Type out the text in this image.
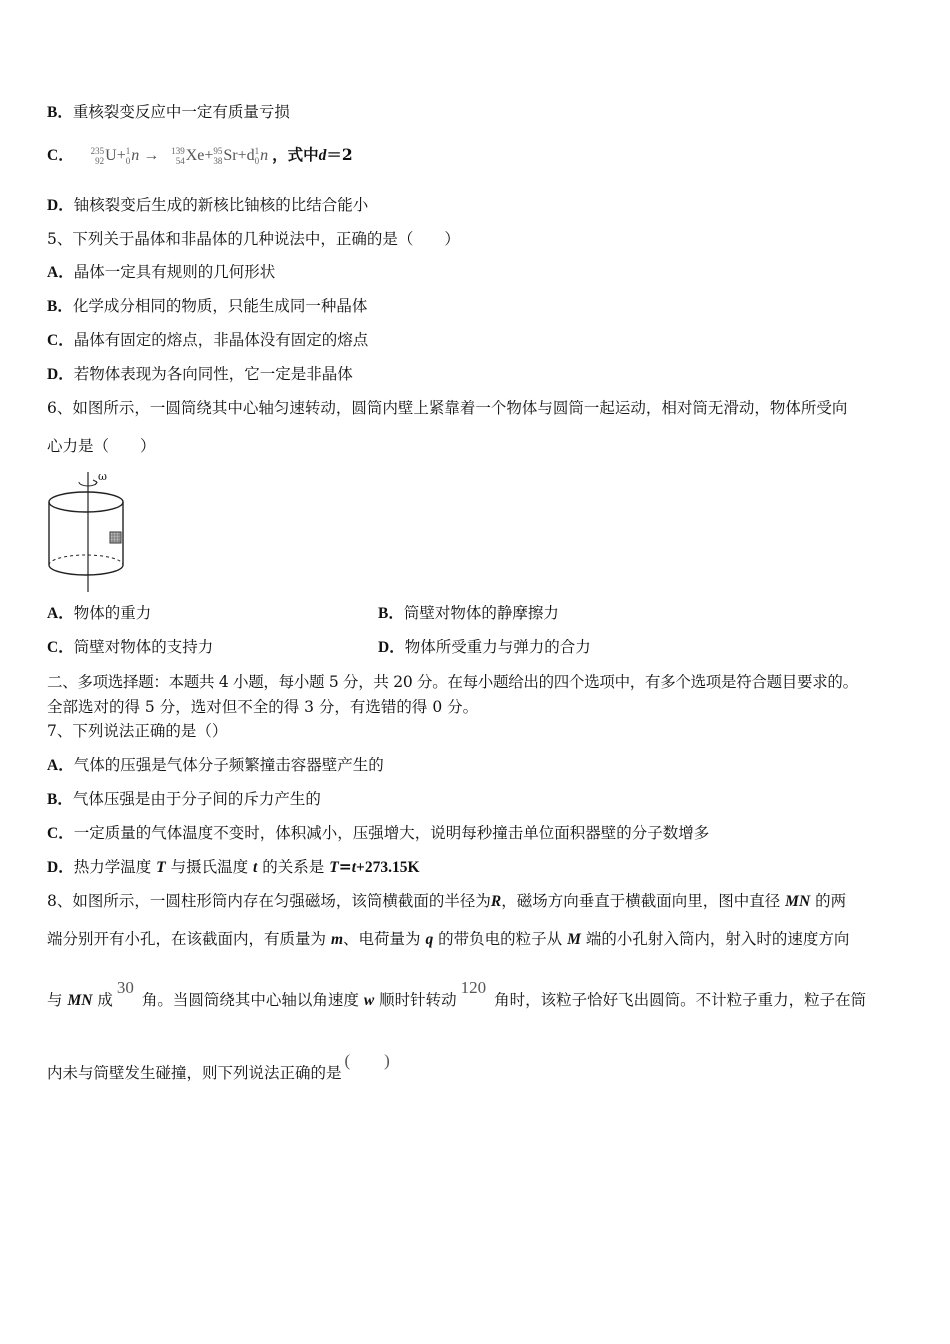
B．重核裂变反应中一定有质量亏损
C． 235
92 U+ 1
0 n → 139
54 Xe+ 95
38 Sr+d 1
0 n ，式中d＝2
D．铀核裂变后生成的新核比铀核的比结合能小
5、下列关于晶体和非晶体的几种说法中，正确的是（　　）
A．晶体一定具有规则的几何形状
B．化学成分相同的物质，只能生成同一种晶体
C．晶体有固定的熔点，非晶体没有固定的熔点
D．若物体表现为各向同性，它一定是非晶体
6、如图所示，一圆筒绕其中心轴匀速转动，圆筒内壁上紧靠着一个物体与圆筒一起运动，相对筒无滑动，物体所受向
心力是（　　）
ω
A．物体的重力	B．筒壁对物体的静摩擦力
C．筒壁对物体的支持力	D．物体所受重力与弹力的合力
二、多项选择题：本题共 4 小题，每小题 5 分，共 20 分。在每小题给出的四个选项中，有多个选项是符合题目要求的。
全部选对的得 5 分，选对但不全的得 3 分，有选错的得 0 分。
7、下列说法正确的是（）
A．气体的压强是气体分子频繁撞击容器壁产生的
B．气体压强是由于分子间的斥力产生的
C．一定质量的气体温度不变时，体积减小，压强增大，说明每秒撞击单位面积器壁的分子数增多
D．热力学温度 T 与摄氏温度 t 的关系是 T=t+273.15K
8、如图所示，一圆柱形筒内存在匀强磁场，该筒横截面的半径为R，磁场方向垂直于横截面向里，图中直径 MN 的两
端分别开有小孔，在该截面内，有质量为 m、电荷量为 q 的带负电的粒子从 M 端的小孔射入筒内，射入时的速度方向
与 MN 成30角。当圆筒绕其中心轴以角速度 w 顺时针转动120角时，该粒子恰好飞出圆筒。不计粒子重力，粒子在筒
内未与筒壁发生碰撞，则下列说法正确的是(　　)
